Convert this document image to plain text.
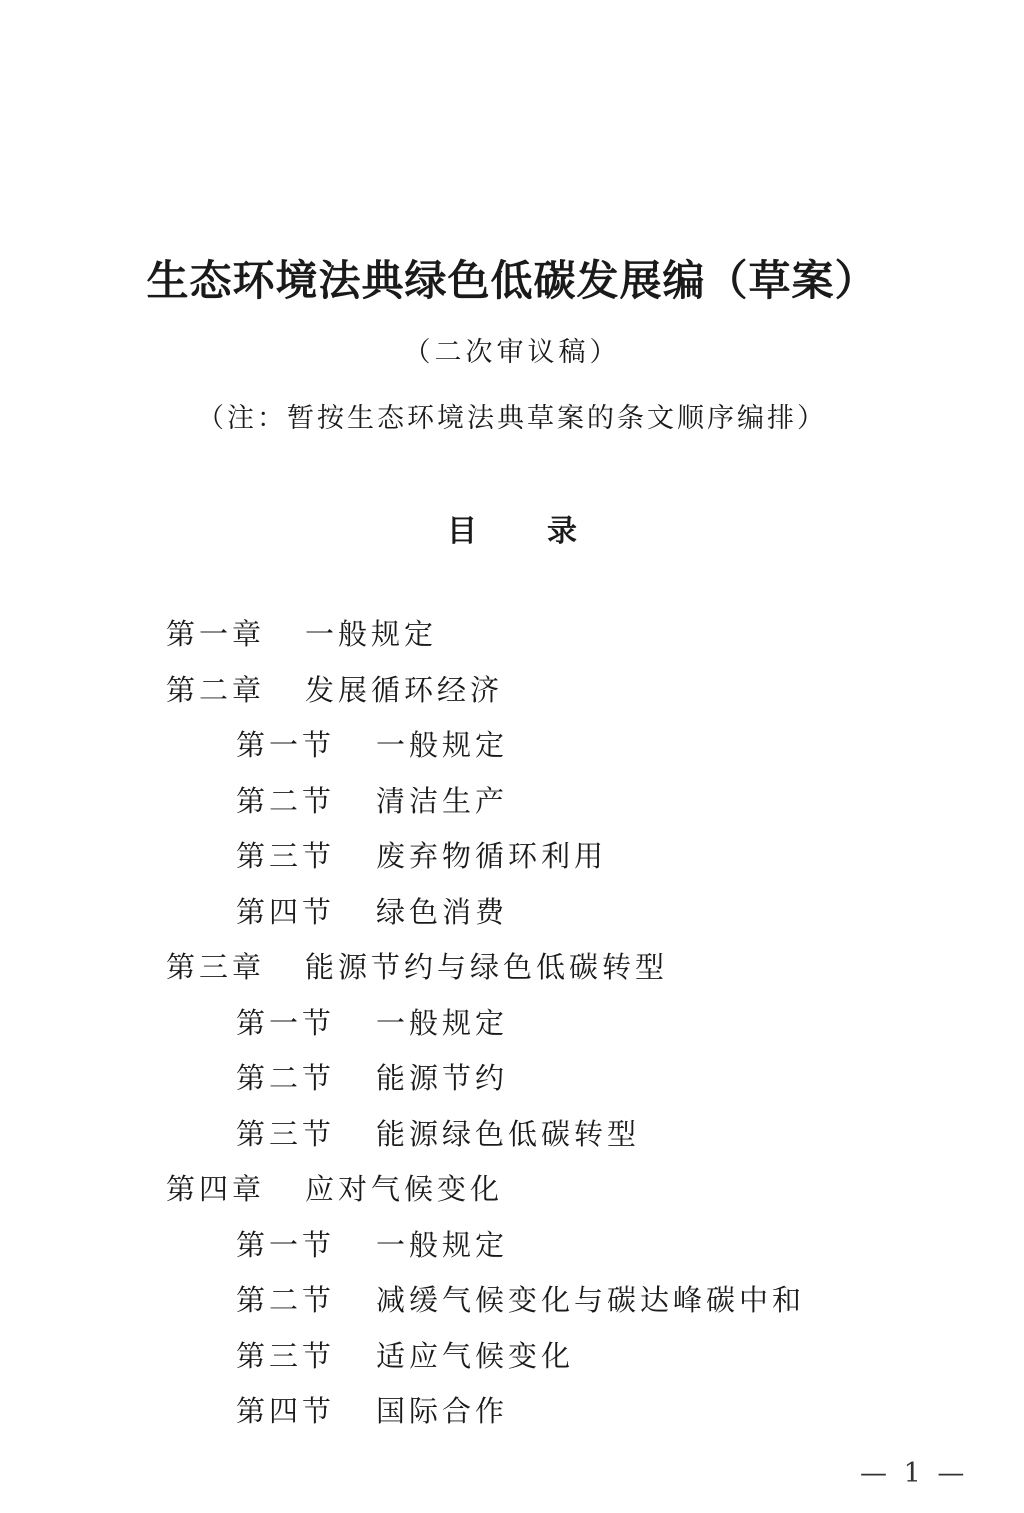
生态环境法典绿色低碳发展编（草案）
（二次审议稿）
（注：暂按生态环境法典草案的条文顺序编排）
目 录
第一章 一般规定
第二章 发展循环经济
第一节 一般规定
第二节 清洁生产
第三节 废弃物循环利用
第四节 绿色消费
第三章 能源节约与绿色低碳转型
第一节 一般规定
第二节 能源节约
第三节 能源绿色低碳转型
第四章 应对气候变化
第一节 一般规定
第二节 减缓气候变化与碳达峰碳中和
第三节 适应气候变化
第四节 国际合作
— 1 —
